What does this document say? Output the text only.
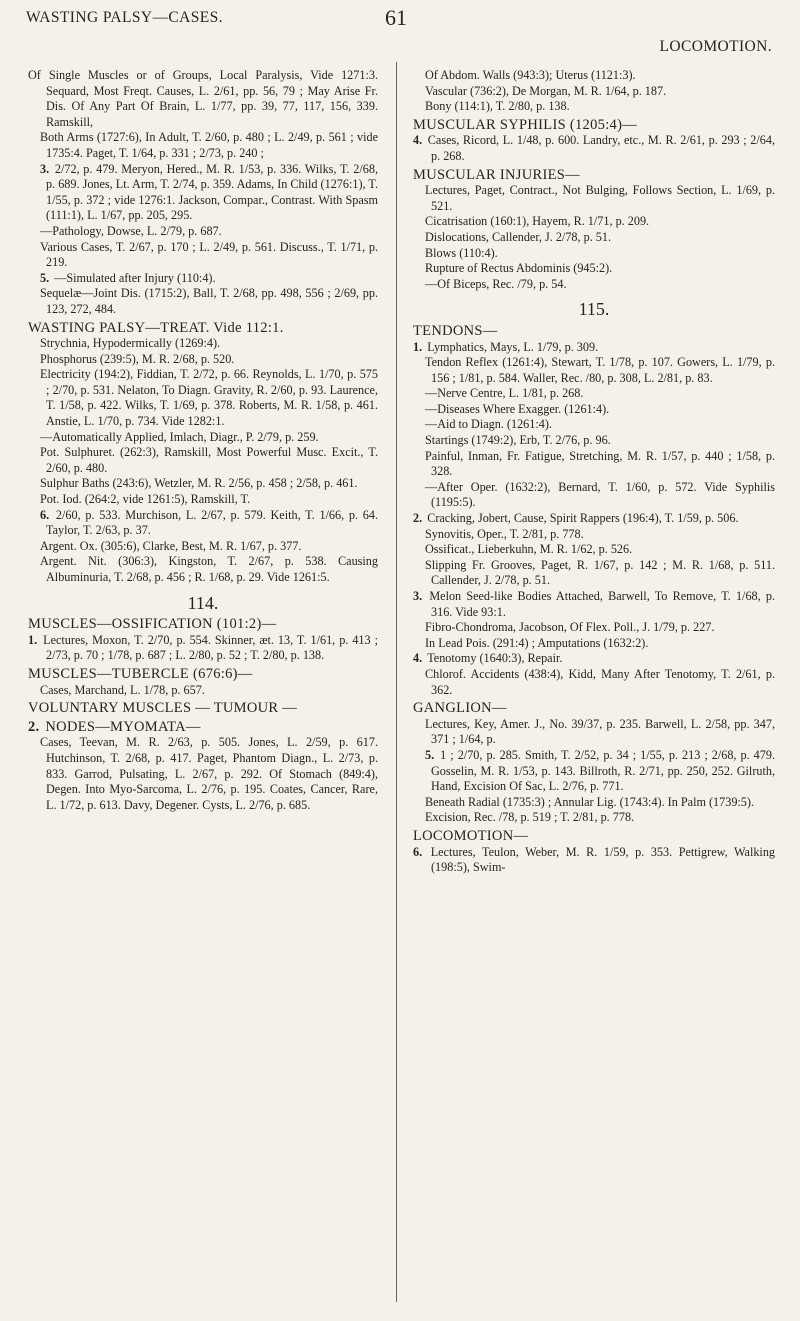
WASTING PALSY—CASES.	61
LOCOMOTION.
Of Single Muscles or of Groups, Local Paralysis, Vide 1271:3. Sequard, Most Freqt. Causes, L. 2/61, pp. 56, 79 ; May Arise Fr. Dis. Of Any Part Of Brain, L. 1/77, pp. 39, 77, 117, 156, 339. Ramskill,
Both Arms (1727:6), In Adult, T. 2/60, p. 480 ; L. 2/49, p. 561 ; vide 1735:4. Paget, T. 1/64, p. 331 ; 2/73, p. 240 ;
3. 2/72, p. 479. Meryon, Hered., M. R. 1/53, p. 336. Wilks, T. 2/68, p. 689. Jones, Lt. Arm, T. 2/74, p. 359. Adams, In Child (1276:1), T. 1/55, p. 372 ; vide 1276:1. Jackson, Compar., Contrast. With Spasm (111:1), L. 1/67, pp. 205, 295.
—Pathology, Dowse, L. 2/79, p. 687.
Various Cases, T. 2/67, p. 170 ; L. 2/49, p. 561. Discuss., T. 1/71, p. 219.
5. —Simulated after Injury (110:4).
Sequelæ—Joint Dis. (1715:2), Ball, T. 2/68, pp. 498, 556 ; 2/69, pp. 123, 272, 484.
WASTING PALSY—TREAT. Vide 112:1.
Strychnia, Hypodermically (1269:4).
Phosphorus (239:5), M. R. 2/68, p. 520.
Electricity (194:2), Fiddian, T. 2/72, p. 66. Reynolds, L. 1/70, p. 575 ; 2/70, p. 531. Nelaton, To Diagn. Gravity, R. 2/60, p. 93. Laurence, T. 1/58, p. 422. Wilks, T. 1/69, p. 378. Roberts, M. R. 1/58, p. 461. Anstie, L. 1/70, p. 734. Vide 1282:1.
—Automatically Applied, Imlach, Diagr., P. 2/79, p. 259.
Pot. Sulphuret. (262:3), Ramskill, Most Powerful Musc. Excit., T. 2/60, p. 480.
Sulphur Baths (243:6), Wetzler, M. R. 2/56, p. 458 ; 2/58, p. 461.
Pot. Iod. (264:2, vide 1261:5), Ramskill, T.
6. 2/60, p. 533. Murchison, L. 2/67, p. 579. Keith, T. 1/66, p. 64. Taylor, T. 2/63, p. 37.
Argent. Ox. (305:6), Clarke, Best, M. R. 1/67, p. 377.
Argent. Nit. (306:3), Kingston, T. 2/67, p. 538. Causing Albuminuria, T. 2/68, p. 456 ; R. 1/68, p. 29. Vide 1261:5.
114.
MUSCLES—OSSIFICATION (101:2)—
1. Lectures, Moxon, T. 2/70, p. 554. Skinner, æt. 13, T. 1/61, p. 413 ; 2/73, p. 70 ; 1/78, p. 687 ; L. 2/80, p. 52 ; T. 2/80, p. 138.
MUSCLES—TUBERCLE (676:6)—
Cases, Marchand, L. 1/78, p. 657.
VOLUNTARY MUSCLES — TUMOUR —
2. NODES—MYOMATA—
Cases, Teevan, M. R. 2/63, p. 505. Jones, L. 2/59, p. 617. Hutchinson, T. 2/68, p. 417. Paget, Phantom Diagn., L. 2/73, p. 833. Garrod, Pulsating, L. 2/67, p. 292. Of Stomach (849:4), Degen. Into Myo-Sarcoma, L. 2/76, p. 195. Coates, Cancer, Rare, L. 1/72, p. 613. Davy, Degener. Cysts, L. 2/76, p. 685.
Of Abdom. Walls (943:3); Uterus (1121:3).
Vascular (736:2), De Morgan, M. R. 1/64, p. 187.
Bony (114:1), T. 2/80, p. 138.
MUSCULAR SYPHILIS (1205:4)—
4. Cases, Ricord, L. 1/48, p. 600. Landry, etc., M. R. 2/61, p. 293 ; 2/64, p. 268.
MUSCULAR INJURIES—
Lectures, Paget, Contract., Not Bulging, Follows Section, L. 1/69, p. 521.
Cicatrisation (160:1), Hayem, R. 1/71, p. 209.
Dislocations, Callender, J. 2/78, p. 51.
Blows (110:4).
Rupture of Rectus Abdominis (945:2).
—Of Biceps, Rec. /79, p. 54.
115.
TENDONS—
1. Lymphatics, Mays, L. 1/79, p. 309.
Tendon Reflex (1261:4), Stewart, T. 1/78, p. 107. Gowers, L. 1/79, p. 156 ; 1/81, p. 584. Waller, Rec. /80, p. 308, L. 2/81, p. 83.
—Nerve Centre, L. 1/81, p. 268.
—Diseases Where Exagger. (1261:4).
—Aid to Diagn. (1261:4).
Startings (1749:2), Erb, T. 2/76, p. 96.
Painful, Inman, Fr. Fatigue, Stretching, M. R. 1/57, p. 440 ; 1/58, p. 328.
—After Oper. (1632:2), Bernard, T. 1/60, p. 572. Vide Syphilis (1195:5).
2. Cracking, Jobert, Cause, Spirit Rappers (196:4), T. 1/59, p. 506.
Synovitis, Oper., T. 2/81, p. 778.
Ossificat., Lieberkuhn, M. R. 1/62, p. 526.
Slipping Fr. Grooves, Paget, R. 1/67, p. 142 ; M. R. 1/68, p. 511. Callender, J. 2/78, p. 51.
3. Melon Seed-like Bodies Attached, Barwell, To Remove, T. 1/68, p. 316. Vide 93:1.
Fibro-Chondroma, Jacobson, Of Flex. Poll., J. 1/79, p. 227.
In Lead Pois. (291:4) ; Amputations (1632:2).
4. Tenotomy (1640:3), Repair.
Chlorof. Accidents (438:4), Kidd, Many After Tenotomy, T. 2/61, p. 362.
GANGLION—
Lectures, Key, Amer. J., No. 39/37, p. 235. Barwell, L. 2/58, pp. 347, 371 ; 1/64, p.
5. 1 ; 2/70, p. 285. Smith, T. 2/52, p. 34 ; 1/55, p. 213 ; 2/68, p. 479. Gosselin, M. R. 1/53, p. 143. Billroth, R. 2/71, pp. 250, 252. Gilruth, Hand, Excision Of Sac, L. 2/76, p. 771.
Beneath Radial (1735:3) ; Annular Lig. (1743:4). In Palm (1739:5).
Excision, Rec. /78, p. 519 ; T. 2/81, p. 778.
LOCOMOTION—
6. Lectures, Teulon, Weber, M. R. 1/59, p. 353. Pettigrew, Walking (198:5), Swim-
